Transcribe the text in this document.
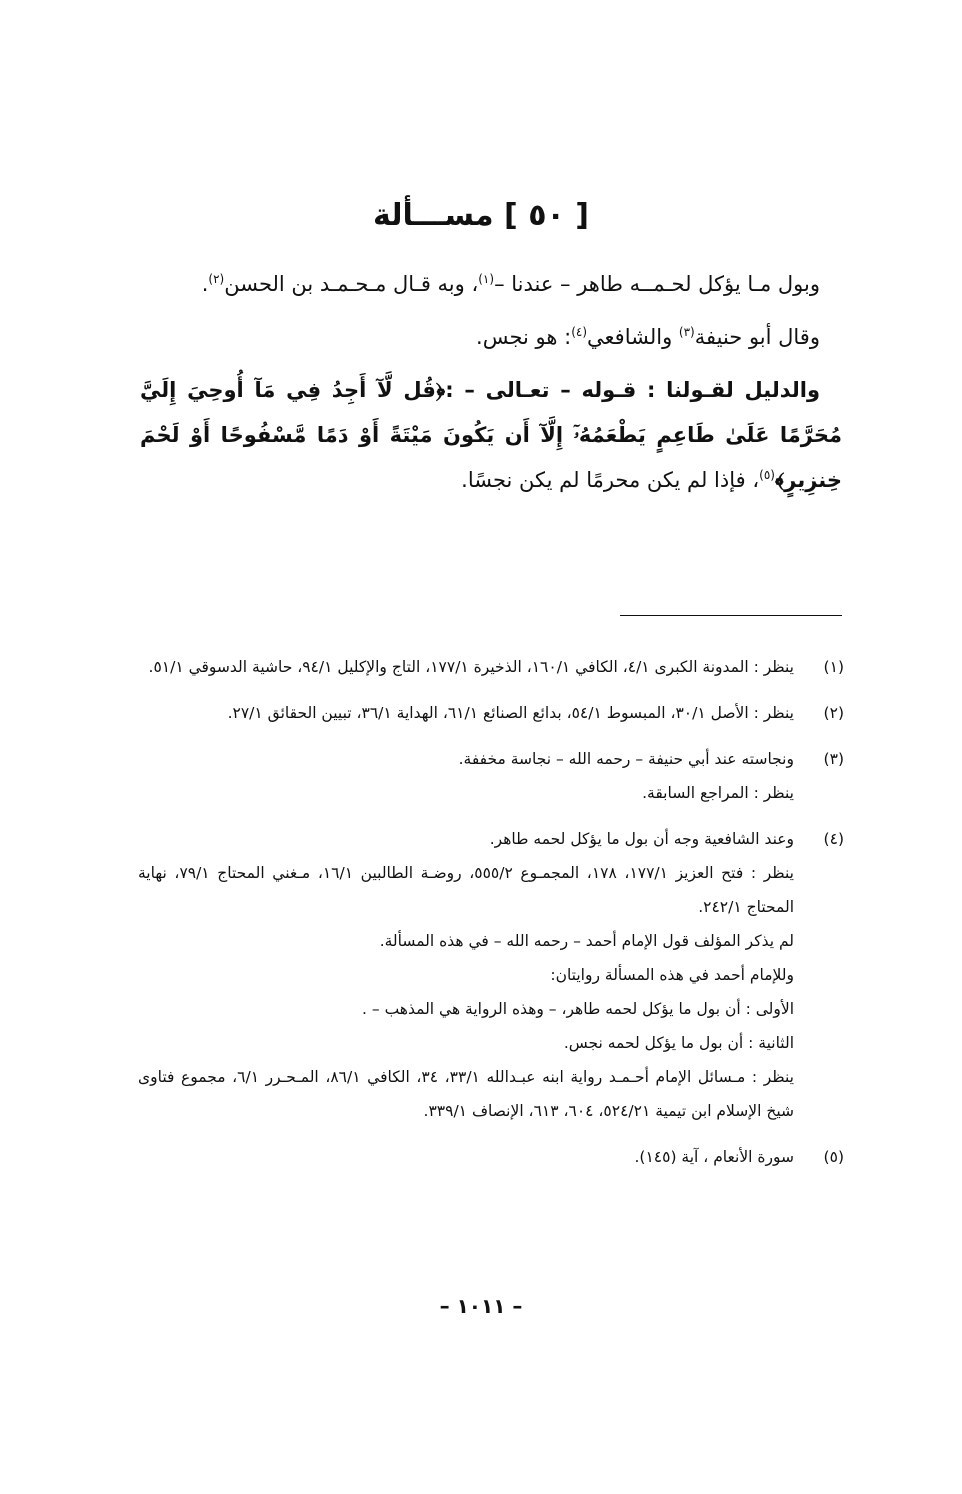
[ ٥٠ ] مســـألة

وبول مـا يؤكل لحـمــه طاهر – عندنا –$^{(١)}$، وبه قـال مـحـمـد بن الحسن$^{(٢)}$.

وقال أبو حنيفة$^{(٣)}$ والشافعي$^{(٤)}$: هو نجس.

والدليل لقـولنا : قـوله – تعـالى – :﴿قُل لَّآ أَجِدُ فِي مَآ أُوحِيَ إِلَيَّ مُحَرَّمًا عَلَىٰ طَاعِمٍ يَطْعَمُهُۥٓ إِلَّآ أَن يَكُونَ مَيْتَةً أَوْ دَمًا مَّسْفُوحًا أَوْ لَحْمَ خِنزِيرٍ﴾$^{(٥)}$، فإذا لم يكن محرمًا لم يكن نجسًا.

(١)
ينظر : المدونة الكبرى ٤/١، الكافي ١٦٠/١، الذخيرة ١٧٧/١، التاج والإكليل ٩٤/١، حاشية الدسوقي ٥١/١.
(٢)
ينظر : الأصل ٣٠/١، المبسوط ٥٤/١، بدائع الصنائع ٦١/١، الهداية ٣٦/١، تبيين الحقائق ٢٧/١.
(٣)
ونجاسته عند أبي حنيفة – رحمه الله – نجاسة مخففة.
ينظر : المراجع السابقة.
(٤)
وعند الشافعية وجه أن بول ما يؤكل لحمه طاهر.
ينظر : فتح العزيز ١٧٧/١، ١٧٨، المجمـوع ٥٥٥/٢، روضـة الطالبين ١٦/١، مـغني المحتاج ٧٩/١، نهاية المحتاج ٢٤٢/١.
لم يذكر المؤلف قول الإمام أحمد – رحمه الله – في هذه المسألة.
وللإمام أحمد في هذه المسألة روايتان:
الأولى : أن بول ما يؤكل لحمه طاهر، – وهذه الرواية هي المذهب – .
الثانية : أن بول ما يؤكل لحمه نجس.
ينظر : مـسائل الإمام أحـمـد رواية ابنه عبـدالله ٣٣/١، ٣٤، الكافي ٨٦/١، المـحـرر ٦/١، مجموع فتاوى شيخ الإسلام ابن تيمية ٥٢٤/٢١، ٦٠٤، ٦١٣، الإنصاف ٣٣٩/١.
(٥)
سورة الأنعام ، آية (١٤٥).
– ١٠١١ –
